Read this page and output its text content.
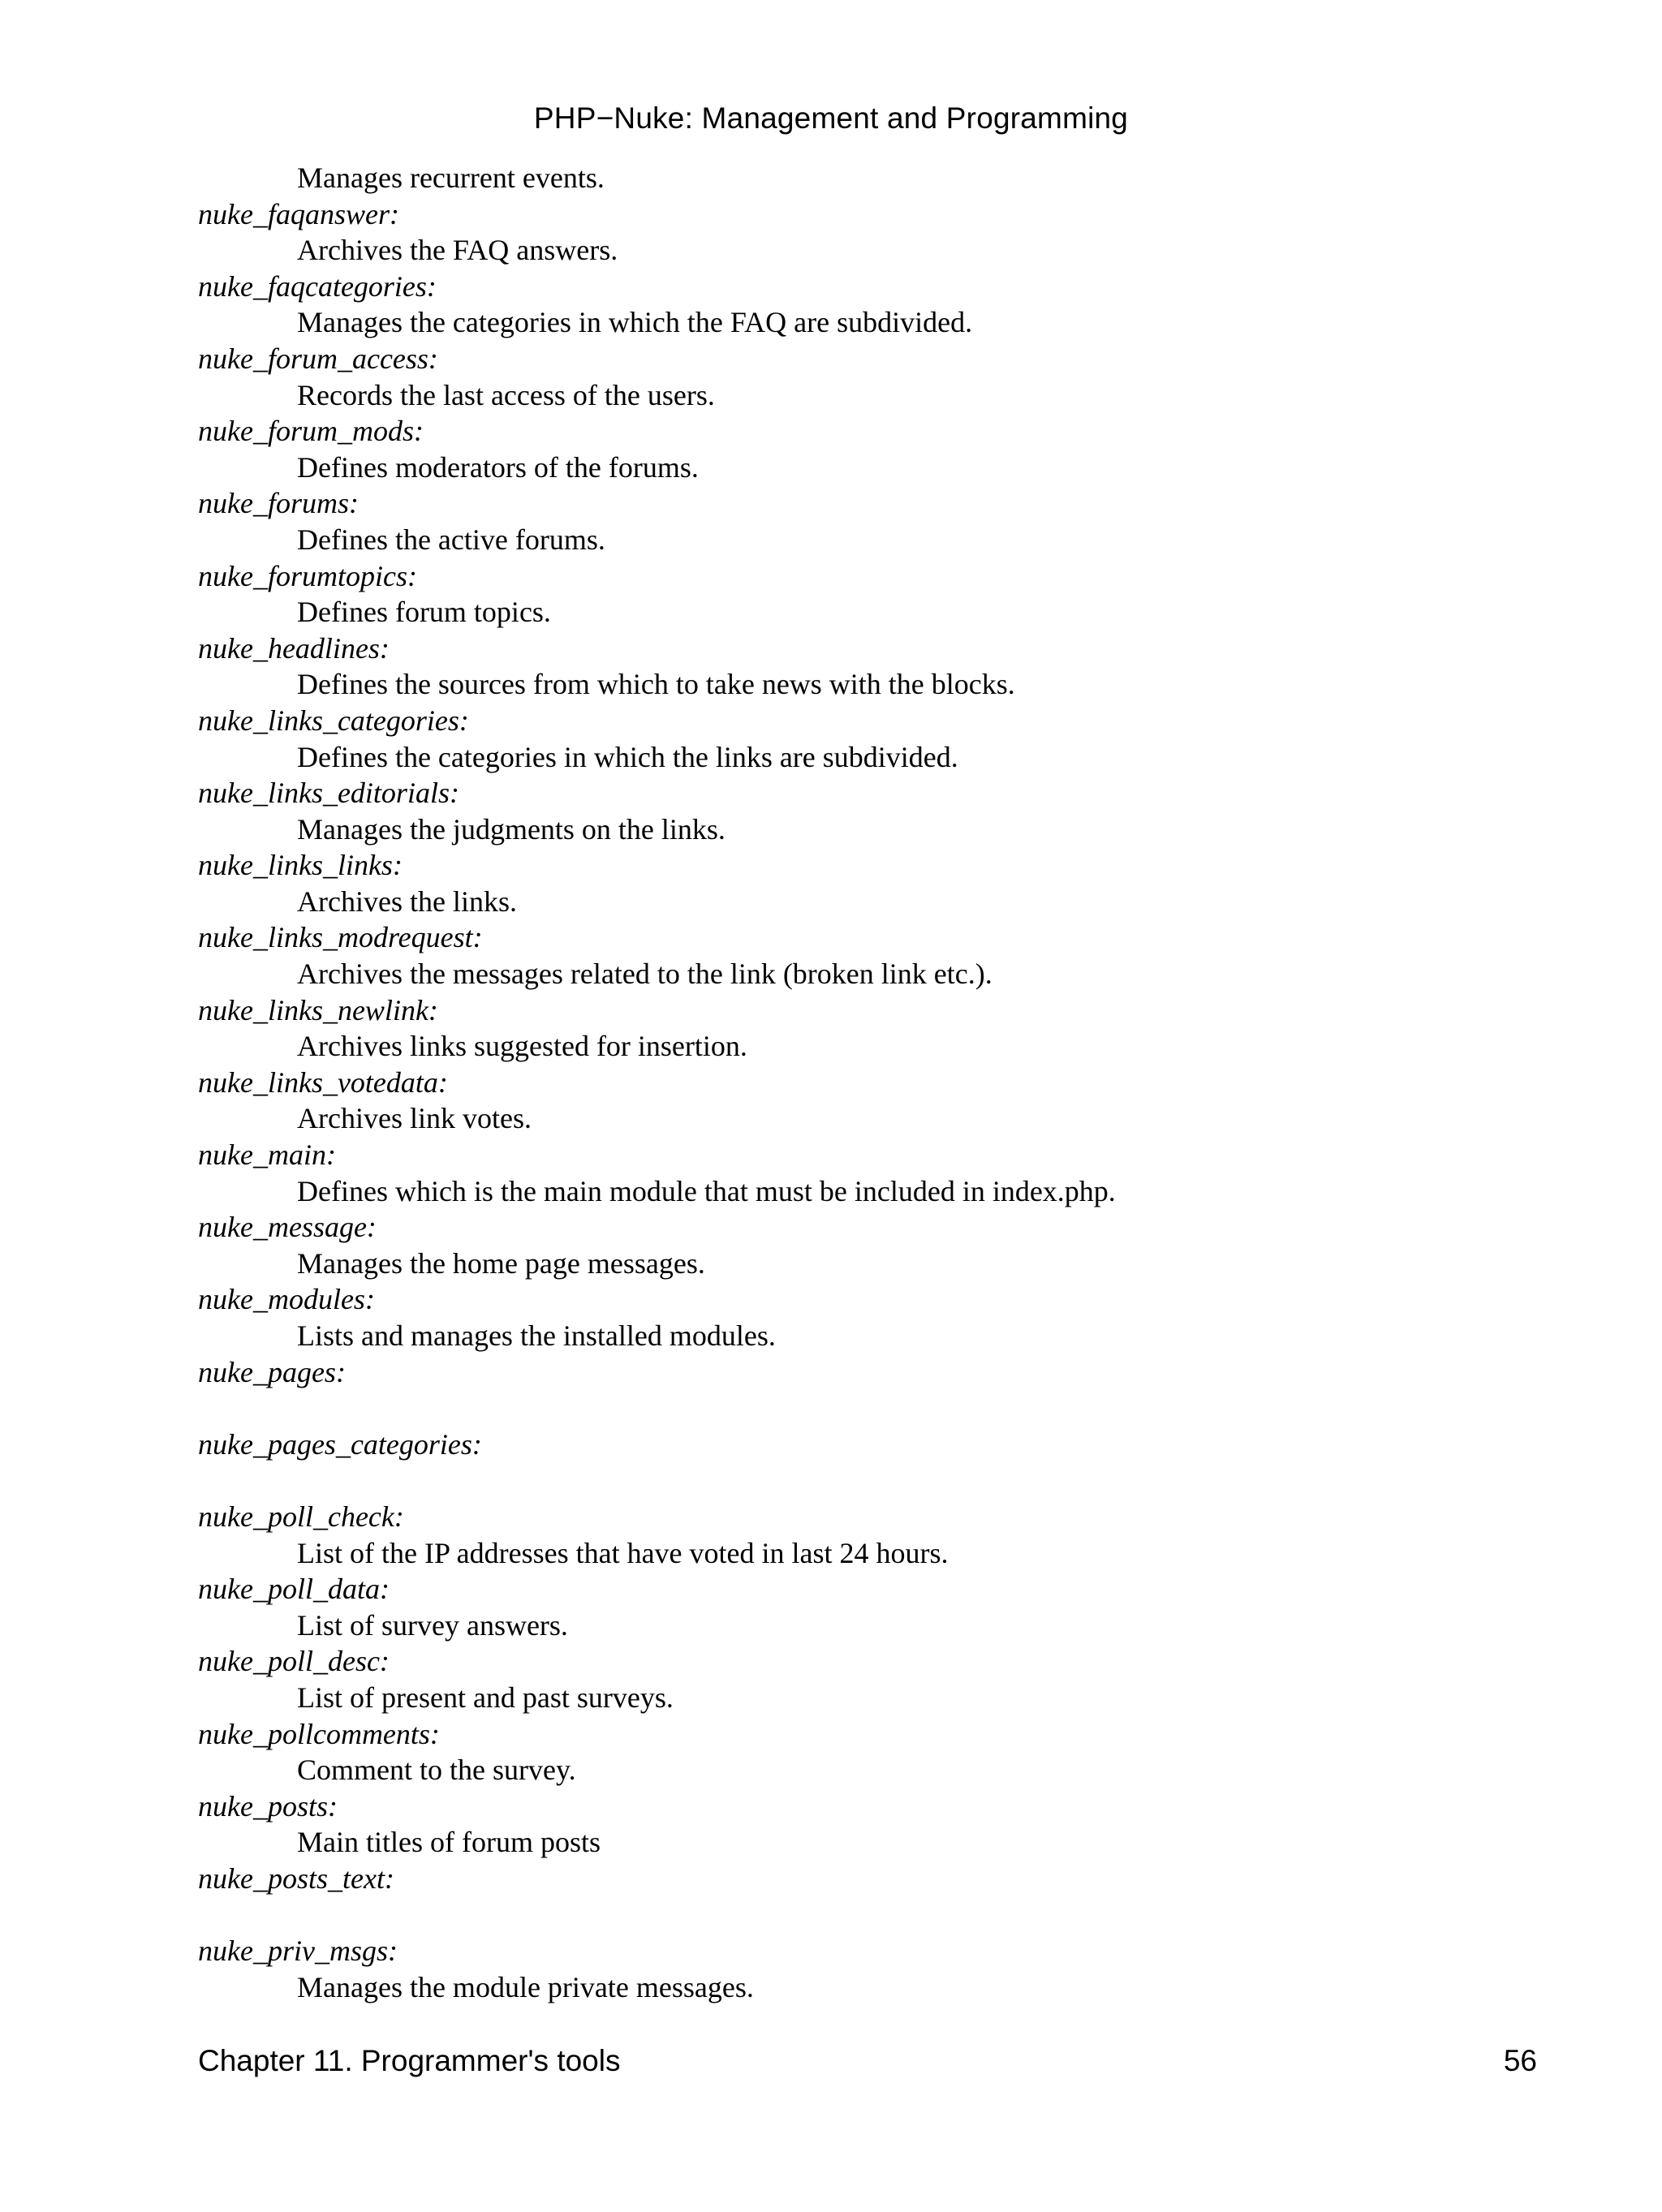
PHP−Nuke: Management and Programming
Manages recurrent events.
nuke_faqanswer:
Archives the FAQ answers.
nuke_faqcategories:
Manages the categories in which the FAQ are subdivided.
nuke_forum_access:
Records the last access of the users.
nuke_forum_mods:
Defines moderators of the forums.
nuke_forums:
Defines the active forums.
nuke_forumtopics:
Defines forum topics.
nuke_headlines:
Defines the sources from which to take news with the blocks.
nuke_links_categories:
Defines the categories in which the links are subdivided.
nuke_links_editorials:
Manages the judgments on the links.
nuke_links_links:
Archives the links.
nuke_links_modrequest:
Archives the messages related to the link (broken link etc.).
nuke_links_newlink:
Archives links suggested for insertion.
nuke_links_votedata:
Archives link votes.
nuke_main:
Defines which is the main module that must be included in index.php.
nuke_message:
Manages the home page messages.
nuke_modules:
Lists and manages the installed modules.
nuke_pages:
nuke_pages_categories:
nuke_poll_check:
List of the IP addresses that have voted in last 24 hours.
nuke_poll_data:
List of survey answers.
nuke_poll_desc:
List of present and past surveys.
nuke_pollcomments:
Comment to the survey.
nuke_posts:
Main titles of forum posts
nuke_posts_text:
nuke_priv_msgs:
Manages the module private messages.
Chapter 11. Programmer's tools	56
